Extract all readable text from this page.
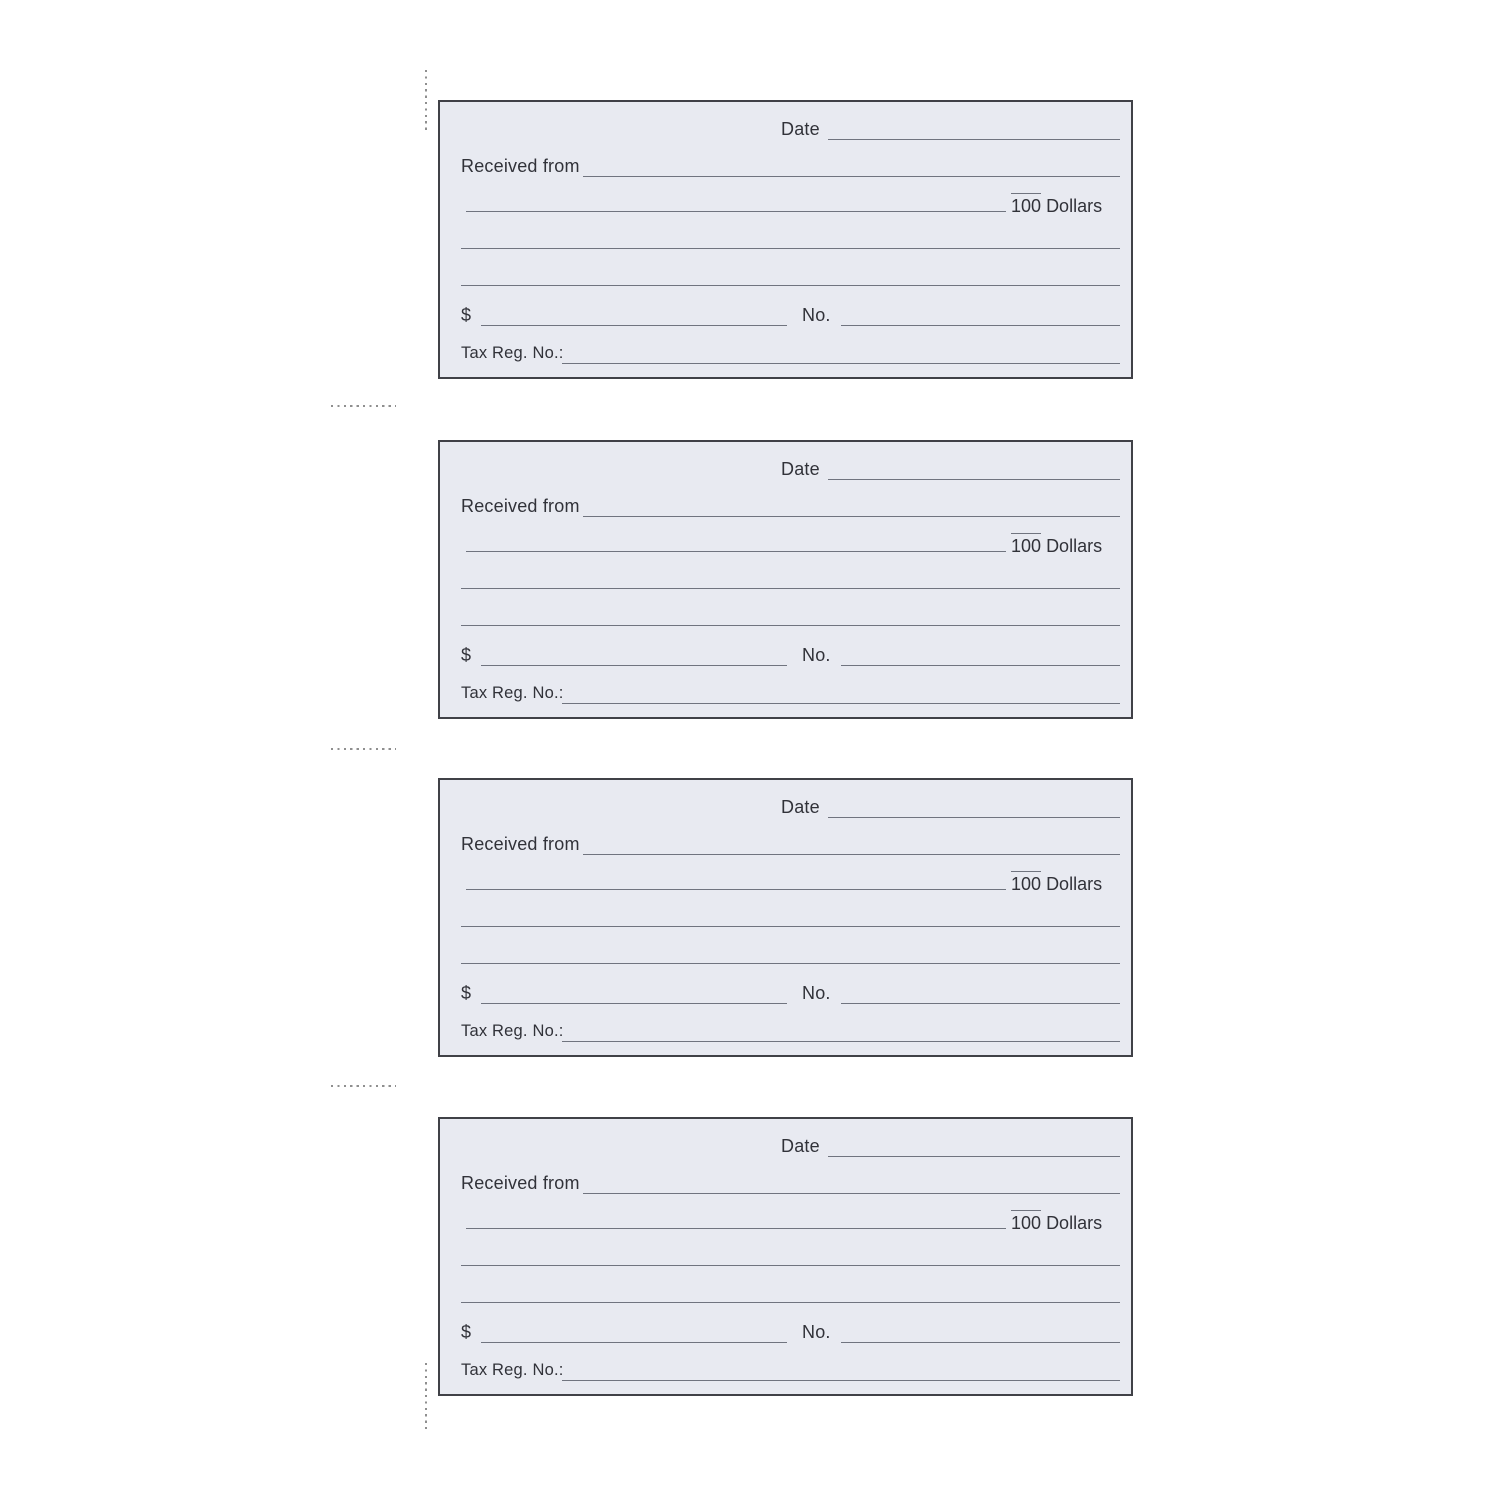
Date
Received from
100 Dollars
$	No.
Tax Reg. No.:
Date
Received from
100 Dollars
$	No.
Tax Reg. No.:
Date
Received from
100 Dollars
$	No.
Tax Reg. No.:
Date
Received from
100 Dollars
$	No.
Tax Reg. No.:
